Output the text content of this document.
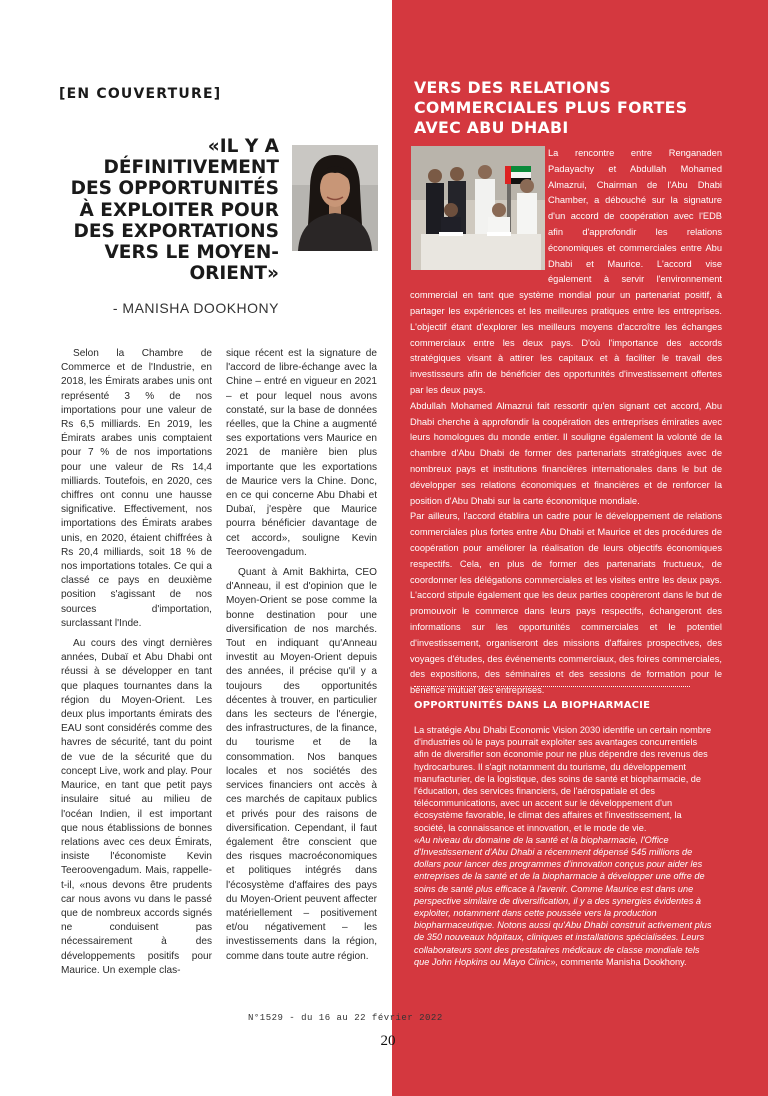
[EN COUVERTURE]
«IL Y A DÉFINITIVEMENT DES OPPORTUNITÉS À EXPLOITER POUR DES EXPORTATIONS VERS LE MOYEN-ORIENT»
- MANISHA DOOKHONY

Selon la Chambre de Commerce et de l'Industrie, en 2018, les Émirats arabes unis ont représenté 3 % de nos importations pour une valeur de Rs 6,5 milliards. En 2019, les Émirats arabes unis comptaient pour 7 % de nos importations pour une valeur de Rs 14,4 milliards. Toutefois, en 2020, ces chiffres ont connu une hausse significative. Effectivement, nos importations des Émirats arabes unis, en 2020, étaient chiffrées à Rs 20,4 milliards, soit 18 % de nos importations totales. Ce qui a classé ce pays en deuxième position s'agissant de nos sources d'importation, surclassant l'Inde.

Au cours des vingt dernières années, Dubaï et Abu Dhabi ont réussi à se développer en tant que plaques tournantes dans la région du Moyen-Orient. Les deux plus importants émirats des EAU sont considérés comme des havres de sécurité, tant du point de vue de la sécurité que du concept Live, work and play. Pour Maurice, en tant que petit pays insulaire situé au milieu de l'océan Indien, il est important que nous établissions de bonnes relations avec ces deux Émirats, insiste l'économiste Kevin Teeroovengadum. Mais, rappelle-t-il, «nous devons être prudents car nous avons vu dans le passé que de nombreux accords signés ne conduisent pas nécessairement à des développements positifs pour Maurice. Un exemple clas-

sique récent est la signature de l'accord de libre-échange avec la Chine – entré en vigueur en 2021 – et pour lequel nous avons constaté, sur la base de données réelles, que la Chine a augmenté ses exportations vers Maurice en 2021 de manière bien plus importante que les exportations de Maurice vers la Chine. Donc, en ce qui concerne Abu Dhabi et Dubaï, j'espère que Maurice pourra bénéficier davantage de cet accord», souligne Kevin Teeroovengadum.

Quant à Amit Bakhirta, CEO d'Anneau, il est d'opinion que le Moyen-Orient se pose comme la bonne destination pour une diversification de nos marchés. Tout en indiquant qu'Anneau investit au Moyen-Orient depuis des années, il précise qu'il y a toujours des opportunités décentes à trouver, en particulier dans les secteurs de l'énergie, des infrastructures, de la finance, du tourisme et de la consommation. Nos banques locales et nos sociétés des services financiers ont accès à ces marchés de capitaux publics et privés pour des raisons de diversification. Cependant, il faut également être conscient que des risques macroéconomiques et politiques intégrés dans l'écosystème d'affaires des pays du Moyen-Orient peuvent affecter matériellement – positivement et/ou négativement – les investissements dans la région, comme dans toute autre région.

VERS DES RELATIONS COMMERCIALES PLUS FORTES AVEC ABU DHABI

La rencontre entre Renganaden Padayachy et Abdullah Mohamed Almazrui, Chairman de l'Abu Dhabi Chamber, a débouché sur la signature d'un accord de coopération avec l'EDB afin d'approfondir les relations économiques et commerciales entre Abu Dhabi et Maurice. L'accord vise également à servir l'environnement commercial en tant que système mondial pour un partenariat positif, à partager les expériences et les meilleures pratiques entre les entreprises. L'objectif étant d'explorer les meilleurs moyens d'accroître les échanges commerciaux entre les deux pays. D'où l'importance des accords stratégiques visant à attirer les capitaux et à faciliter le travail des investisseurs afin de bénéficier des opportunités d'investissement offertes par les deux pays.

Abdullah Mohamed Almazrui fait ressortir qu'en signant cet accord, Abu Dhabi cherche à approfondir la coopération des entreprises émiraties avec leurs homologues du monde entier. Il souligne également la volonté de la chambre d'Abu Dhabi de former des partenariats stratégiques avec de nombreux pays et institutions financières internationales dans le but de développer ses relations économiques et financières et de renforcer la position d'Abu Dhabi sur la carte économique mondiale.

Par ailleurs, l'accord établira un cadre pour le développement de relations commerciales plus fortes entre Abu Dhabi et Maurice et des procédures de coopération pour améliorer la réalisation de leurs objectifs économiques respectifs. Cela, en plus de former des partenariats fructueux, de coordonner les délégations commerciales et les visites entre les deux pays. L'accord stipule également que les deux parties coopèreront dans le but de promouvoir le commerce dans leurs pays respectifs, échangeront des informations sur les opportunités commerciales et le potentiel d'investissement, organiseront des missions d'affaires prospectives, des voyages d'études, des événements commerciaux, des foires commerciales, des expositions, des séminaires et des sessions de formation pour le bénéfice mutuel des entreprises.

OPPORTUNITÉS DANS LA BIOPHARMACIE

La stratégie Abu Dhabi Economic Vision 2030 identifie un certain nombre d'industries où le pays pourrait exploiter ses avantages concurrentiels afin de diversifier son économie pour ne plus dépendre des revenus des hydrocarbures. Il s'agit notamment du tourisme, du développement manufacturier, de la logistique, des soins de santé et biopharmacie, de l'éducation, des services financiers, de l'aérospatiale et des télécommunications, avec un accent sur le développement d'un écosystème favorable, le climat des affaires et l'investissement, la société, la connaissance et innovation, et le mode de vie.

«Au niveau du domaine de la santé et la biopharmacie, l'Office d'Investissement d'Abu Dhabi a récemment dépensé 545 millions de dollars pour lancer des programmes d'innovation conçus pour aider les entreprises de la santé et de la biopharmacie à développer une offre de soins de santé plus efficace à l'avenir. Comme Maurice est dans une perspective similaire de diversification, il y a des synergies évidentes à exploiter, notamment dans cette poussée vers la production biopharmaceutique. Notons aussi qu'Abu Dhabi construit activement plus de 350 nouveaux hôpitaux, cliniques et installations spécialisées. Leurs collaborateurs sont des prestataires médicaux de classe mondiale tels que John Hopkins ou Mayo Clinic», commente Manisha Dookhony.

N°1529 - du 16 au 22 février 2022
20
